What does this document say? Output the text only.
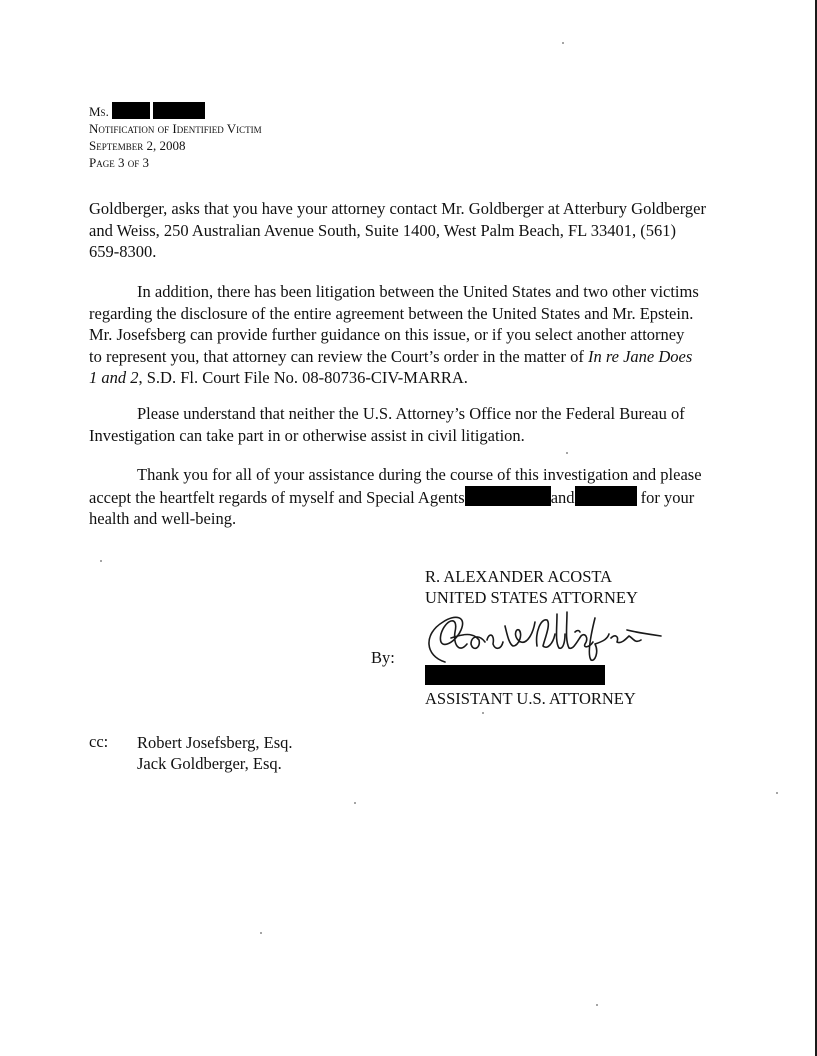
Ms.
Notification of Identified Victim
September 2, 2008
Page 3 of 3
Goldberger, asks that you have your attorney contact Mr. Goldberger at Atterbury Goldberger
and Weiss, 250 Australian Avenue South, Suite 1400, West Palm Beach, FL 33401, (561)
659-8300.
In addition, there has been litigation between the United States and two other victims
regarding the disclosure of the entire agreement between the United States and Mr. Epstein.
Mr. Josefsberg can provide further guidance on this issue, or if you select another attorney
to represent you, that attorney can review the Court’s order in the matter of In re Jane Does
1 and 2, S.D. Fl. Court File No. 08-80736-CIV-MARRA.
Please understand that neither the U.S. Attorney’s Office nor the Federal Bureau of
Investigation can take part in or otherwise assist in civil litigation.
Thank you for all of your assistance during the course of this investigation and please
accept the heartfelt regards of myself and Special Agents	and	for your
health and well-being.
R. ALEXANDER ACOSTA
UNITED STATES ATTORNEY
By:
ASSISTANT U.S. ATTORNEY
cc: Robert Josefsberg, Esq.
Jack Goldberger, Esq.
